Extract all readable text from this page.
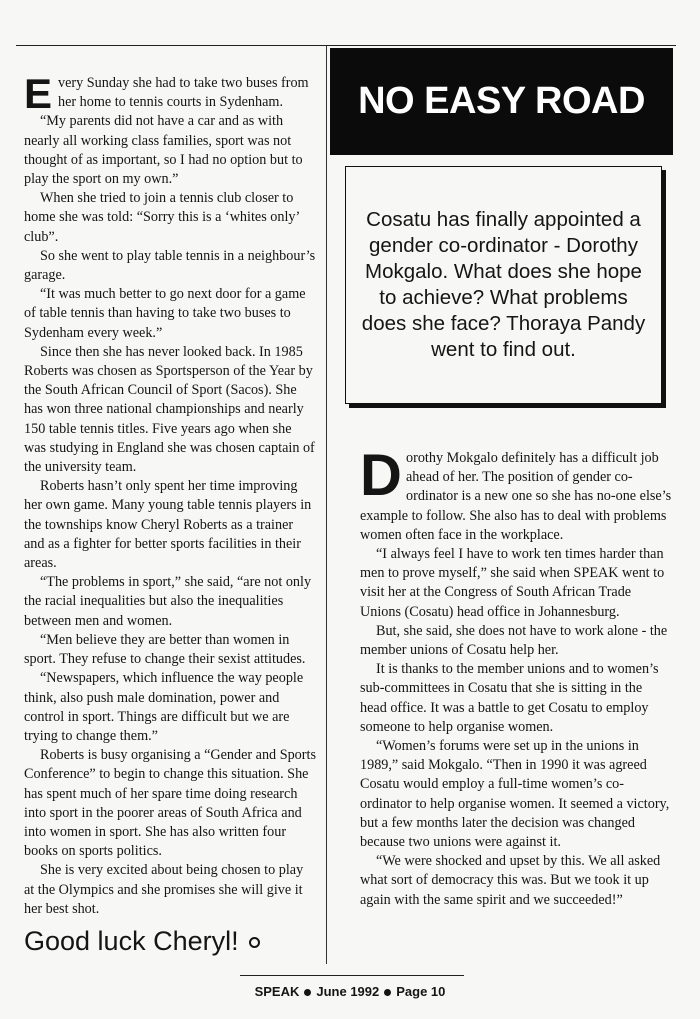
Every Sunday she had to take two buses from her home to tennis courts in Sydenham.

“My parents did not have a car and as with nearly all working class families, sport was not thought of as important, so I had no option but to play the sport on my own.”

When she tried to join a tennis club closer to home she was told: “Sorry this is a ‘whites only’ club”.

So she went to play table tennis in a neighbour’s garage.

“It was much better to go next door for a game of table tennis than having to take two buses to Sydenham every week.”

Since then she has never looked back. In 1985 Roberts was chosen as Sportsperson of the Year by the South African Council of Sport (Sacos). She has won three national championships and nearly 150 table tennis titles. Five years ago when she was studying in England she was chosen captain of the university team.

Roberts hasn’t only spent her time improving her own game. Many young table tennis players in the townships know Cheryl Roberts as a trainer and as a fighter for better sports facilities in their areas.

“The problems in sport,” she said, “are not only the racial inequalities but also the inequalities between men and women.

“Men believe they are better than women in sport. They refuse to change their sexist attitudes.

“Newspapers, which influence the way people think, also push male domination, power and control in sport. Things are difficult but we are trying to change them.”

Roberts is busy organising a “Gender and Sports Conference” to begin to change this situation. She has spent much of her spare time doing research into sport in the poorer areas of South Africa and into women in sport. She has also written four books on sports politics.

She is very excited about being chosen to play at the Olympics and she promises she will give it her best shot.

Good luck Cheryl!

NO EASY ROAD

Cosatu has finally appointed a gender co-ordinator - Dorothy Mokgalo. What does she hope to achieve? What problems does she face? Thoraya Pandy went to find out.

Dorothy Mokgalo definitely has a difficult job ahead of her. The position of gender co-ordinator is a new one so she has no-one else’s example to follow. She also has to deal with problems women often face in the workplace.

“I always feel I have to work ten times harder than men to prove myself,” she said when SPEAK went to visit her at the Congress of South African Trade Unions (Cosatu) head office in Johannesburg.

But, she said, she does not have to work alone - the member unions of Cosatu help her.

It is thanks to the member unions and to women’s sub-committees in Cosatu that she is sitting in the head office. It was a battle to get Cosatu to employ someone to help organise women.

“Women’s forums were set up in the unions in 1989,” said Mokgalo. “Then in 1990 it was agreed Cosatu would employ a full-time women’s co-ordinator to help organise women. It seemed a victory, but a few months later the decision was changed because two unions were against it.

“We were shocked and upset by this. We all asked what sort of democracy this was. But we took it up again with the same spirit and we succeeded!”

SPEAK June 1992 Page 10
